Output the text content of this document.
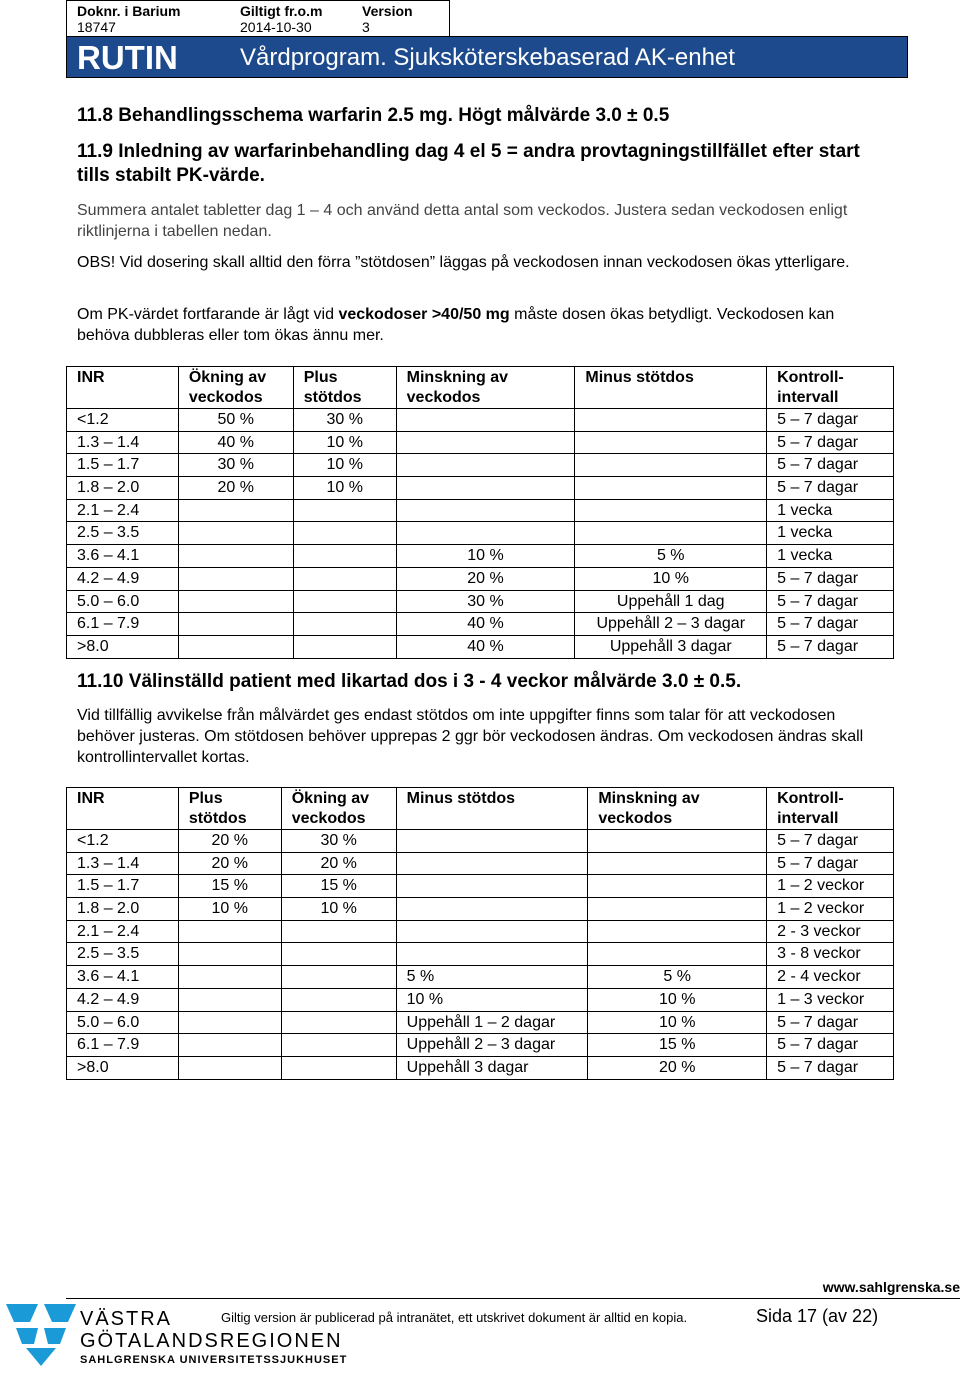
Doknr. i Barium
18747
Giltigt fr.o.m
2014-10-30
Version
3
RUTIN	Vårdprogram. Sjuksköterskebaserad AK-enhet
11.8 Behandlingsschema warfarin 2.5 mg. Högt målvärde 3.0 ± 0.5
11.9 Inledning av warfarinbehandling dag 4 el 5 = andra provtagningstillfället efter start tills stabilt PK-värde.

Summera antalet tabletter dag 1 – 4 och använd detta antal som veckodos. Justera sedan veckodosen enligt riktlinjerna i tabellen nedan.

OBS! Vid dosering skall alltid den förra ”stötdosen” läggas på veckodosen innan veckodosen ökas ytterligare.

Om PK-värdet fortfarande är lågt vid veckodoser >40/50 mg måste dosen ökas betydligt. Veckodosen kan behöva dubbleras eller tom ökas ännu mer.

INR	Ökning av veckodos	Plus stötdos	Minskning av veckodos	Minus stötdos	Kontroll-intervall
<1.2	50 %	30 %			5 – 7 dagar
1.3 – 1.4	40 %	10 %			5 – 7 dagar
1.5 – 1.7	30 %	10 %			5 – 7 dagar
1.8 – 2.0	20 %	10 %			5 – 7 dagar
2.1 – 2.4					1 vecka
2.5 – 3.5					1 vecka
3.6 – 4.1			10 %	5 %	1 vecka
4.2 – 4.9			20 %	10 %	5 – 7 dagar
5.0 – 6.0			30 %	Uppehåll 1 dag	5 – 7 dagar
6.1 – 7.9			40 %	Uppehåll 2 – 3 dagar	5 – 7 dagar
>8.0			40 %	Uppehåll 3 dagar	5 – 7 dagar
11.10 Välinställd patient med likartad dos i 3 - 4 veckor målvärde 3.0 ± 0.5.

Vid tillfällig avvikelse från målvärdet ges endast stötdos om inte uppgifter finns som talar för att veckodosen behöver justeras. Om stötdosen behöver upprepas 2 ggr bör veckodosen ändras. Om veckodosen ändras skall kontrollintervallet kortas.

INR	Plus stötdos	Ökning av veckodos	Minus stötdos	Minskning av veckodos	Kontroll-intervall
<1.2	20 %	30 %			5 – 7 dagar
1.3 – 1.4	20 %	20 %			5 – 7 dagar
1.5 – 1.7	15 %	15 %			1 – 2 veckor
1.8 – 2.0	10 %	10 %			1 – 2 veckor
2.1 – 2.4					2 - 3 veckor
2.5 – 3.5					3 - 8 veckor
3.6 – 4.1			5 %	5 %	2 - 4 veckor
4.2 – 4.9			10 %	10 %	1 – 3 veckor
5.0 – 6.0			Uppehåll 1 – 2 dagar	10 %	5 – 7 dagar
6.1 – 7.9			Uppehåll 2 – 3 dagar	15 %	5 – 7 dagar
>8.0			Uppehåll 3 dagar	20 %	5 – 7 dagar
www.sahlgrenska.se
VÄSTRA
GÖTALANDSREGIONEN
SAHLGRENSKA UNIVERSITETSSJUKHUSET
Giltig version är publicerad på intranätet, ett utskrivet dokument är alltid en kopia.	Sida 17 (av 22)
